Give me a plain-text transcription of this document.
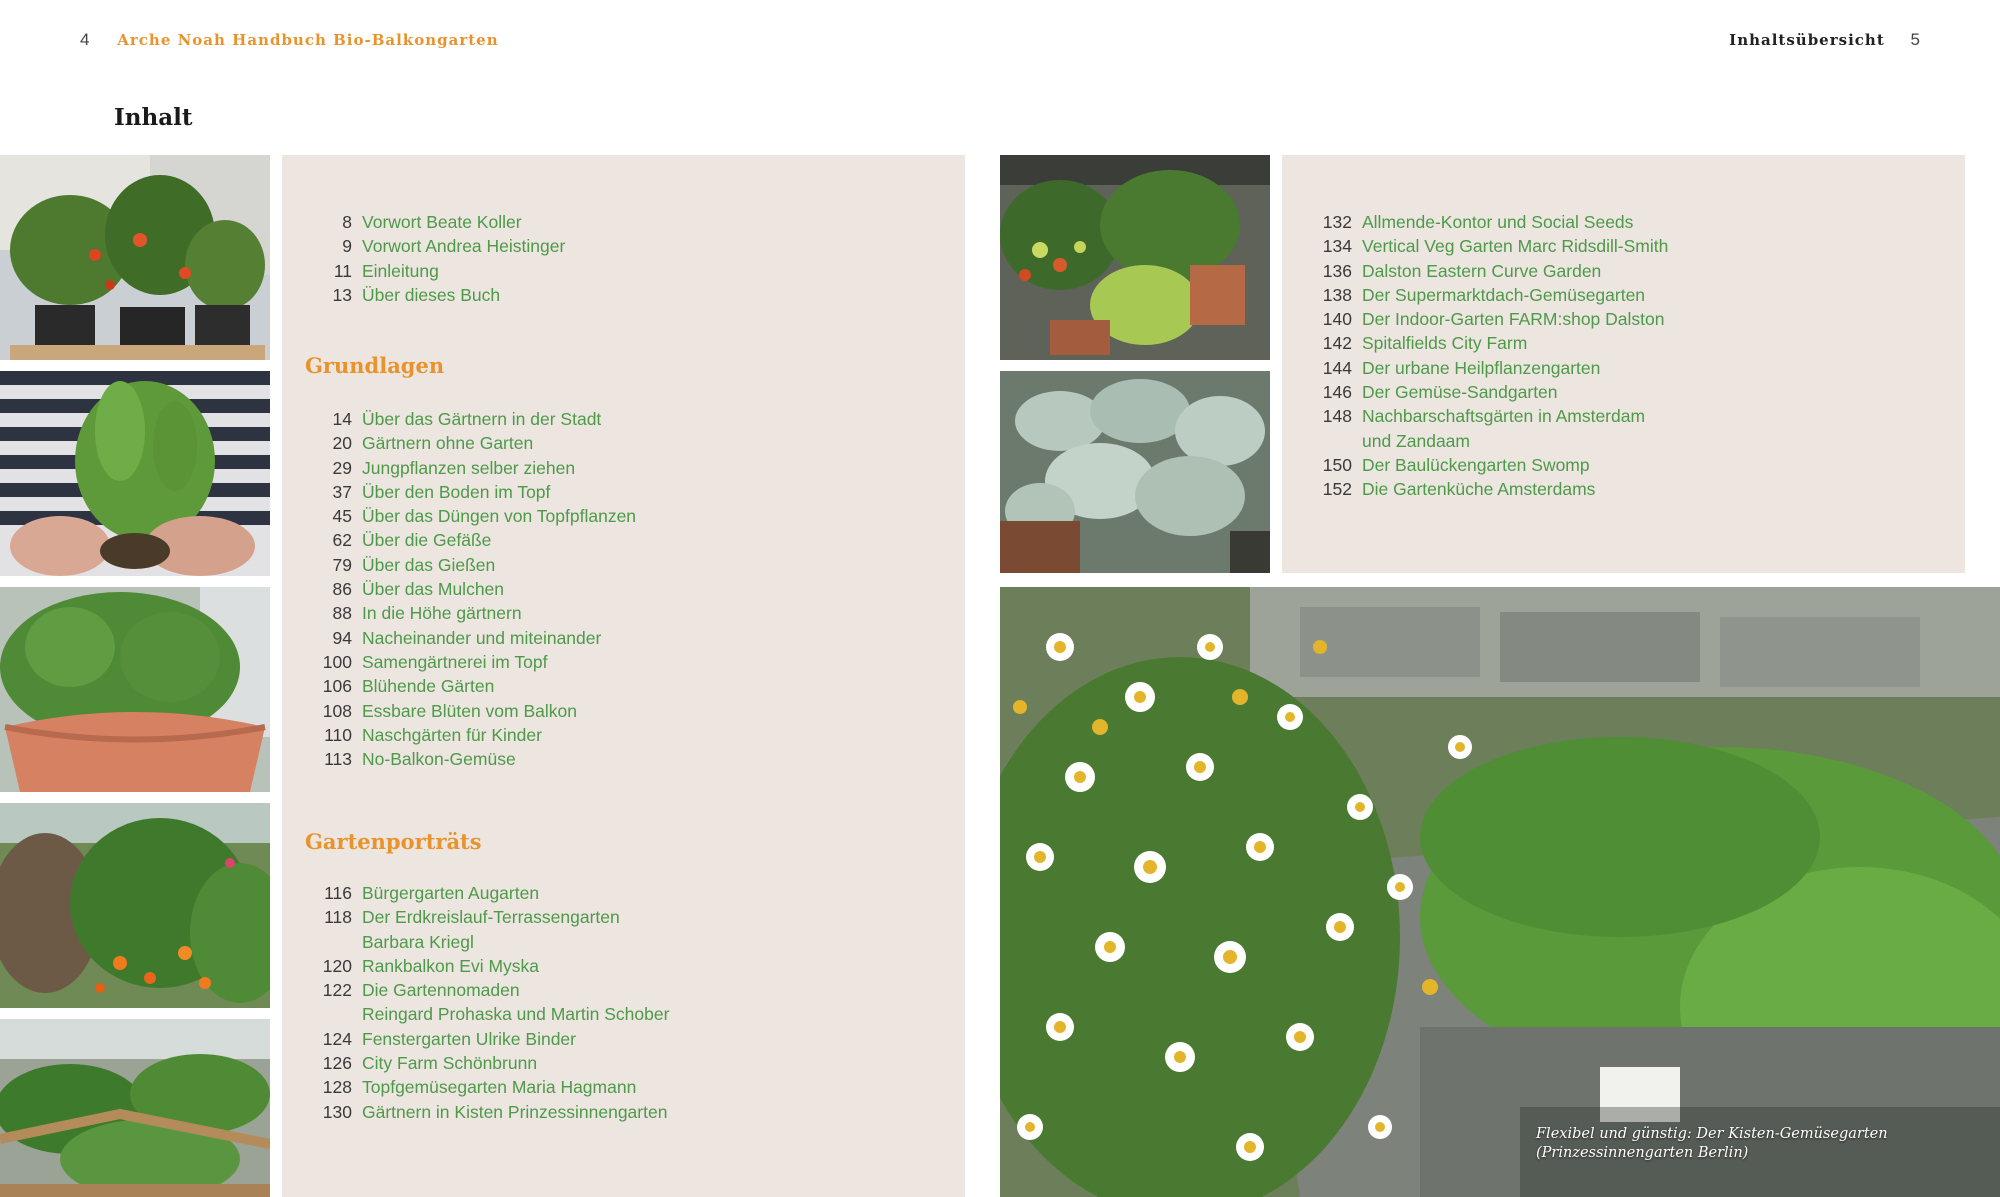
4 Arche Noah Handbuch Bio-Balkongarten	Inhaltsübersicht 5
Inhalt
8 Vorwort Beate Koller
9 Vorwort Andrea Heistinger
11 Einleitung
13 Über dieses Buch
Grundlagen
14 Über das Gärtnern in der Stadt
20 Gärtnern ohne Garten
29 Jungpflanzen selber ziehen
37 Über den Boden im Topf
45 Über das Düngen von Topfpflanzen
62 Über die Gefäße
79 Über das Gießen
86 Über das Mulchen
88 In die Höhe gärtnern
94 Nacheinander und miteinander
100 Samengärtnerei im Topf
106 Blühende Gärten
108 Essbare Blüten vom Balkon
110 Naschgärten für Kinder
113 No-Balkon-Gemüse
Gartenporträts
116 Bürgergarten Augarten
118 Der Erdkreislauf-Terrassengarten
Barbara Kriegl
120 Rankbalkon Evi Myska
122 Die Gartennomaden
Reingard Prohaska und Martin Schober
124 Fenstergarten Ulrike Binder
126 City Farm Schönbrunn
128 Topfgemüsegarten Maria Hagmann
130 Gärtnern in Kisten Prinzessinnengarten
132 Allmende-Kontor und Social Seeds
134 Vertical Veg Garten Marc Ridsdill-Smith
136 Dalston Eastern Curve Garden
138 Der Supermarktdach-Gemüsegarten
140 Der Indoor-Garten FARM:shop Dalston
142 Spitalfields City Farm
144 Der urbane Heilpflanzengarten
146 Der Gemüse-Sandgarten
148 Nachbarschaftsgärten in Amsterdam
und Zandaam
150 Der Baulückengarten Swomp
152 Die Gartenküche Amsterdams
Flexibel und günstig: Der Kisten-Gemüsegarten
(Prinzessinnengarten Berlin)
